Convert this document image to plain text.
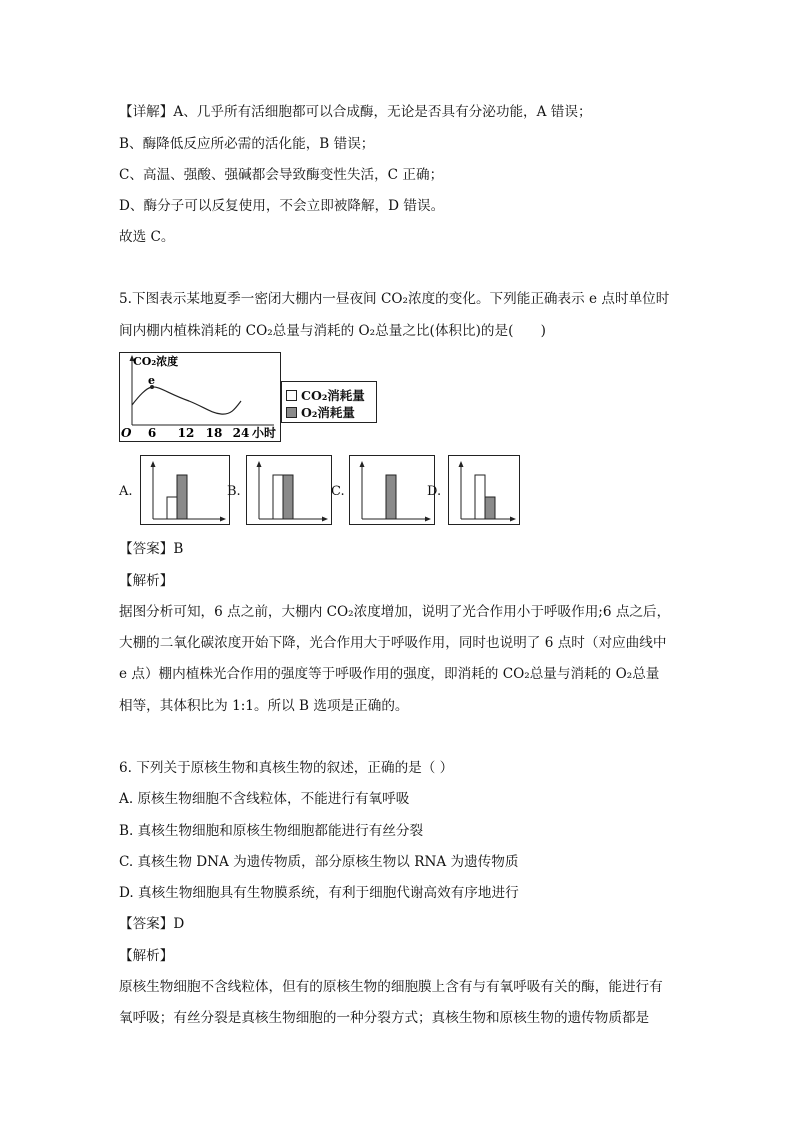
【详解】A、几乎所有活细胞都可以合成酶，无论是否具有分泌功能，A 错误；
B、酶降低反应所必需的活化能，B 错误；
C、高温、强酸、强碱都会导致酶变性失活，C 正确；
D、酶分子可以反复使用，不会立即被降解，D 错误。
故选 C。
5.下图表示某地夏季一密闭大棚内一昼夜间 CO₂浓度的变化。下列能正确表示 e 点时单位时
间内棚内植株消耗的 CO₂总量与消耗的 O₂总量之比(体积比)的是(　　)
CO₂浓度
e
O 6 12 18 24 小时
CO₂消耗量
O₂消耗量
A.	B.	C.	D.
【答案】B
【解析】
据图分析可知，6 点之前，大棚内 CO₂浓度增加，说明了光合作用小于呼吸作用;6 点之后，
大棚的二氧化碳浓度开始下降，光合作用大于呼吸作用，同时也说明了 6 点时（对应曲线中
e 点）棚内植株光合作用的强度等于呼吸作用的强度，即消耗的 CO₂总量与消耗的 O₂总量
相等，其体积比为 1:1。所以 B 选项是正确的。
6. 下列关于原核生物和真核生物的叙述，正确的是（ ）
A. 原核生物细胞不含线粒体，不能进行有氧呼吸
B. 真核生物细胞和原核生物细胞都能进行有丝分裂
C. 真核生物 DNA 为遗传物质，部分原核生物以 RNA 为遗传物质
D. 真核生物细胞具有生物膜系统，有利于细胞代谢高效有序地进行
【答案】D
【解析】
原核生物细胞不含线粒体，但有的原核生物的细胞膜上含有与有氧呼吸有关的酶，能进行有
氧呼吸；有丝分裂是真核生物细胞的一种分裂方式；真核生物和原核生物的遗传物质都是
